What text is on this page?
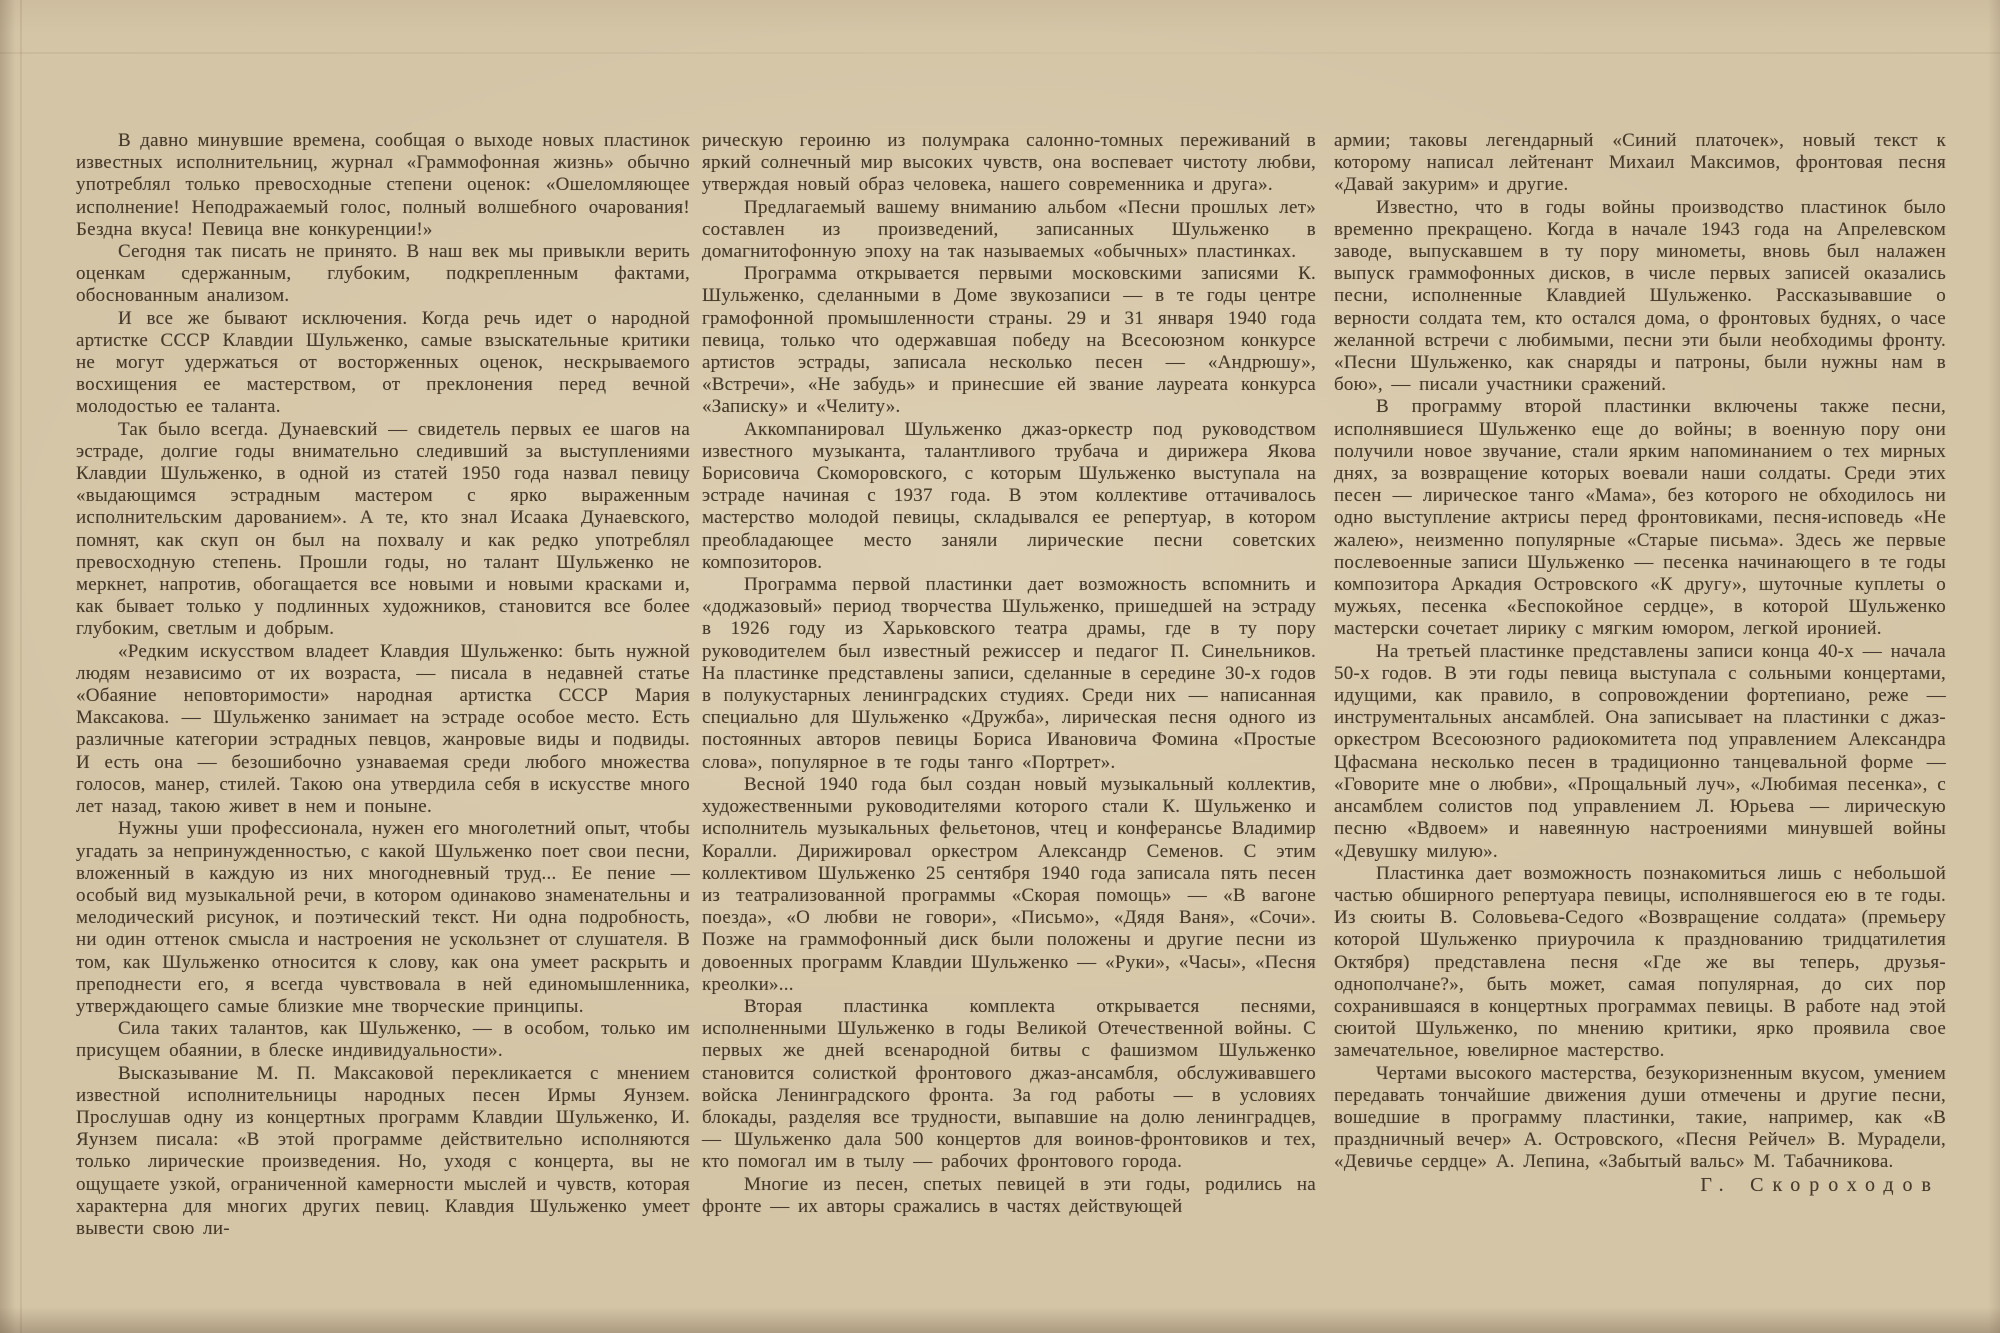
В давно минувшие времена, сообщая о выходе новых пластинок известных исполнительниц, журнал «Граммофонная жизнь» обычно употреблял только превосходные степени оценок: «Ошеломляющее исполнение! Неподражаемый голос, полный волшебного очарования! Бездна вкуса! Певица вне конкуренции!»

Сегодня так писать не принято. В наш век мы привыкли верить оценкам сдержанным, глубоким, подкрепленным фактами, обоснованным анализом.

И все же бывают исключения. Когда речь идет о народной артистке СССР Клавдии Шульженко, самые взыскательные критики не могут удержаться от восторженных оценок, нескрываемого восхищения ее мастерством, от преклонения перед вечной молодостью ее таланта.

Так было всегда. Дунаевский — свидетель первых ее шагов на эстраде, долгие годы внимательно следивший за выступлениями Клавдии Шульженко, в одной из статей 1950 года назвал певицу «выдающимся эстрадным мастером с ярко выраженным исполнительским дарованием». А те, кто знал Исаака Дунаевского, помнят, как скуп он был на похвалу и как редко употреблял превосходную степень. Прошли годы, но талант Шульженко не меркнет, напротив, обогащается все новыми и новыми красками и, как бывает только у подлинных художников, становится все более глубоким, светлым и добрым.

«Редким искусством владеет Клавдия Шульженко: быть нужной людям независимо от их возраста, — писала в недавней статье «Обаяние неповторимости» народная артистка СССР Мария Максакова. — Шульженко занимает на эстраде особое место. Есть различные категории эстрадных певцов, жанровые виды и подвиды. И есть она — безошибочно узнаваемая среди любого множества голосов, манер, стилей. Такою она утвердила себя в искусстве много лет назад, такою живет в нем и поныне.

Нужны уши профессионала, нужен его многолетний опыт, чтобы угадать за непринужденностью, с какой Шульженко поет свои песни, вложенный в каждую из них многодневный труд... Ее пение — особый вид музыкальной речи, в котором одинаково знаменательны и мелодический рисунок, и поэтический текст. Ни одна подробность, ни один оттенок смысла и настроения не ускользнет от слушателя. В том, как Шульженко относится к слову, как она умеет раскрыть и преподнести его, я всегда чувствовала в ней единомышленника, утверждающего самые близкие мне творческие принципы.

Сила таких талантов, как Шульженко, — в особом, только им присущем обаянии, в блеске индивидуальности».

Высказывание М. П. Максаковой перекликается с мнением известной исполнительницы народных песен Ирмы Яунзем. Прослушав одну из концертных программ Клавдии Шульженко, И. Яунзем писала: «В этой программе действительно исполняются только лирические произведения. Но, уходя с концерта, вы не ощущаете узкой, ограниченной камерности мыслей и чувств, которая характерна для многих других певиц. Клавдия Шульженко умеет вывести свою ли-

рическую героиню из полумрака салонно-томных переживаний в яркий солнечный мир высоких чувств, она воспевает чистоту любви, утверждая новый образ человека, нашего современника и друга».

Предлагаемый вашему вниманию альбом «Песни прошлых лет» составлен из произведений, записанных Шульженко в домагнитофонную эпоху на так называемых «обычных» пластинках.

Программа открывается первыми московскими записями К. Шульженко, сделанными в Доме звукозаписи — в те годы центре грамофонной промышленности страны. 29 и 31 января 1940 года певица, только что одержавшая победу на Всесоюзном конкурсе артистов эстрады, записала несколько песен — «Андрюшу», «Встречи», «Не забудь» и принесшие ей звание лауреата конкурса «Записку» и «Челиту».

Аккомпанировал Шульженко джаз-оркестр под руководством известного музыканта, талантливого трубача и дирижера Якова Борисовича Скоморовского, с которым Шульженко выступала на эстраде начиная с 1937 года. В этом коллективе оттачивалось мастерство молодой певицы, складывался ее репертуар, в котором преобладающее место заняли лирические песни советских композиторов.

Программа первой пластинки дает возможность вспомнить и «доджазовый» период творчества Шульженко, пришедшей на эстраду в 1926 году из Харьковского театра драмы, где в ту пору руководителем был известный режиссер и педагог П. Синельников. На пластинке представлены записи, сделанные в середине 30-х годов в полукустарных ленинградских студиях. Среди них — написанная специально для Шульженко «Дружба», лирическая песня одного из постоянных авторов певицы Бориса Ивановича Фомина «Простые слова», популярное в те годы танго «Портрет».

Весной 1940 года был создан новый музыкальный коллектив, художественными руководителями которого стали К. Шульженко и исполнитель музыкальных фельетонов, чтец и конферансье Владимир Коралли. Дирижировал оркестром Александр Семенов. С этим коллективом Шульженко 25 сентября 1940 года записала пять песен из театрализованной программы «Скорая помощь» — «В вагоне поезда», «О любви не говори», «Письмо», «Дядя Ваня», «Сочи». Позже на граммофонный диск были положены и другие песни из довоенных программ Клавдии Шульженко — «Руки», «Часы», «Песня креолки»...

Вторая пластинка комплекта открывается песнями, исполненными Шульженко в годы Великой Отечественной войны. С первых же дней всенародной битвы с фашизмом Шульженко становится солисткой фронтового джаз-ансамбля, обслуживавшего войска Ленинградского фронта. За год работы — в условиях блокады, разделяя все трудности, выпавшие на долю ленинградцев, — Шульженко дала 500 концертов для воинов-фронтовиков и тех, кто помогал им в тылу — рабочих фронтового города.

Многие из песен, спетых певицей в эти годы, родились на фронте — их авторы сражались в частях действующей

армии; таковы легендарный «Синий платочек», новый текст к которому написал лейтенант Михаил Максимов, фронтовая песня «Давай закурим» и другие.

Известно, что в годы войны производство пластинок было временно прекращено. Когда в начале 1943 года на Апрелевском заводе, выпускавшем в ту пору минометы, вновь был налажен выпуск граммофонных дисков, в числе первых записей оказались песни, исполненные Клавдией Шульженко. Рассказывавшие о верности солдата тем, кто остался дома, о фронтовых буднях, о часе желанной встречи с любимыми, песни эти были необходимы фронту. «Песни Шульженко, как снаряды и патроны, были нужны нам в бою», — писали участники сражений.

В программу второй пластинки включены также песни, исполнявшиеся Шульженко еще до войны; в военную пору они получили новое звучание, стали ярким напоминанием о тех мирных днях, за возвращение которых воевали наши солдаты. Среди этих песен — лирическое танго «Мама», без которого не обходилось ни одно выступление актрисы перед фронтовиками, песня-исповедь «Не жалею», неизменно популярные «Старые письма». Здесь же первые послевоенные записи Шульженко — песенка начинающего в те годы композитора Аркадия Островского «К другу», шуточные куплеты о мужьях, песенка «Беспокойное сердце», в которой Шульженко мастерски сочетает лирику с мягким юмором, легкой иронией.

На третьей пластинке представлены записи конца 40-х — начала 50-х годов. В эти годы певица выступала с сольными концертами, идущими, как правило, в сопровождении фортепиано, реже — инструментальных ансамблей. Она записывает на пластинки с джаз-оркестром Всесоюзного радиокомитета под управлением Александра Цфасмана несколько песен в традиционно танцевальной форме — «Говорите мне о любви», «Прощальный луч», «Любимая песенка», с ансамблем солистов под управлением Л. Юрьева — лирическую песню «Вдвоем» и навеянную настроениями минувшей войны «Девушку милую».

Пластинка дает возможность познакомиться лишь с небольшой частью обширного репертуара певицы, исполнявшегося ею в те годы. Из сюиты В. Соловьева-Седого «Возвращение солдата» (премьеру которой Шульженко приурочила к празднованию тридцатилетия Октября) представлена песня «Где же вы теперь, друзья-однополчане?», быть может, самая популярная, до сих пор сохранившаяся в концертных программах певицы. В работе над этой сюитой Шульженко, по мнению критики, ярко проявила свое замечательное, ювелирное мастерство.

Чертами высокого мастерства, безукоризненным вкусом, умением передавать тончайшие движения души отмечены и другие песни, вошедшие в программу пластинки, такие, например, как «В праздничный вечер» А. Островского, «Песня Рейчел» В. Мурадели, «Девичье сердце» А. Лепина, «Забытый вальс» М. Табачникова.

Г. Скороходов
